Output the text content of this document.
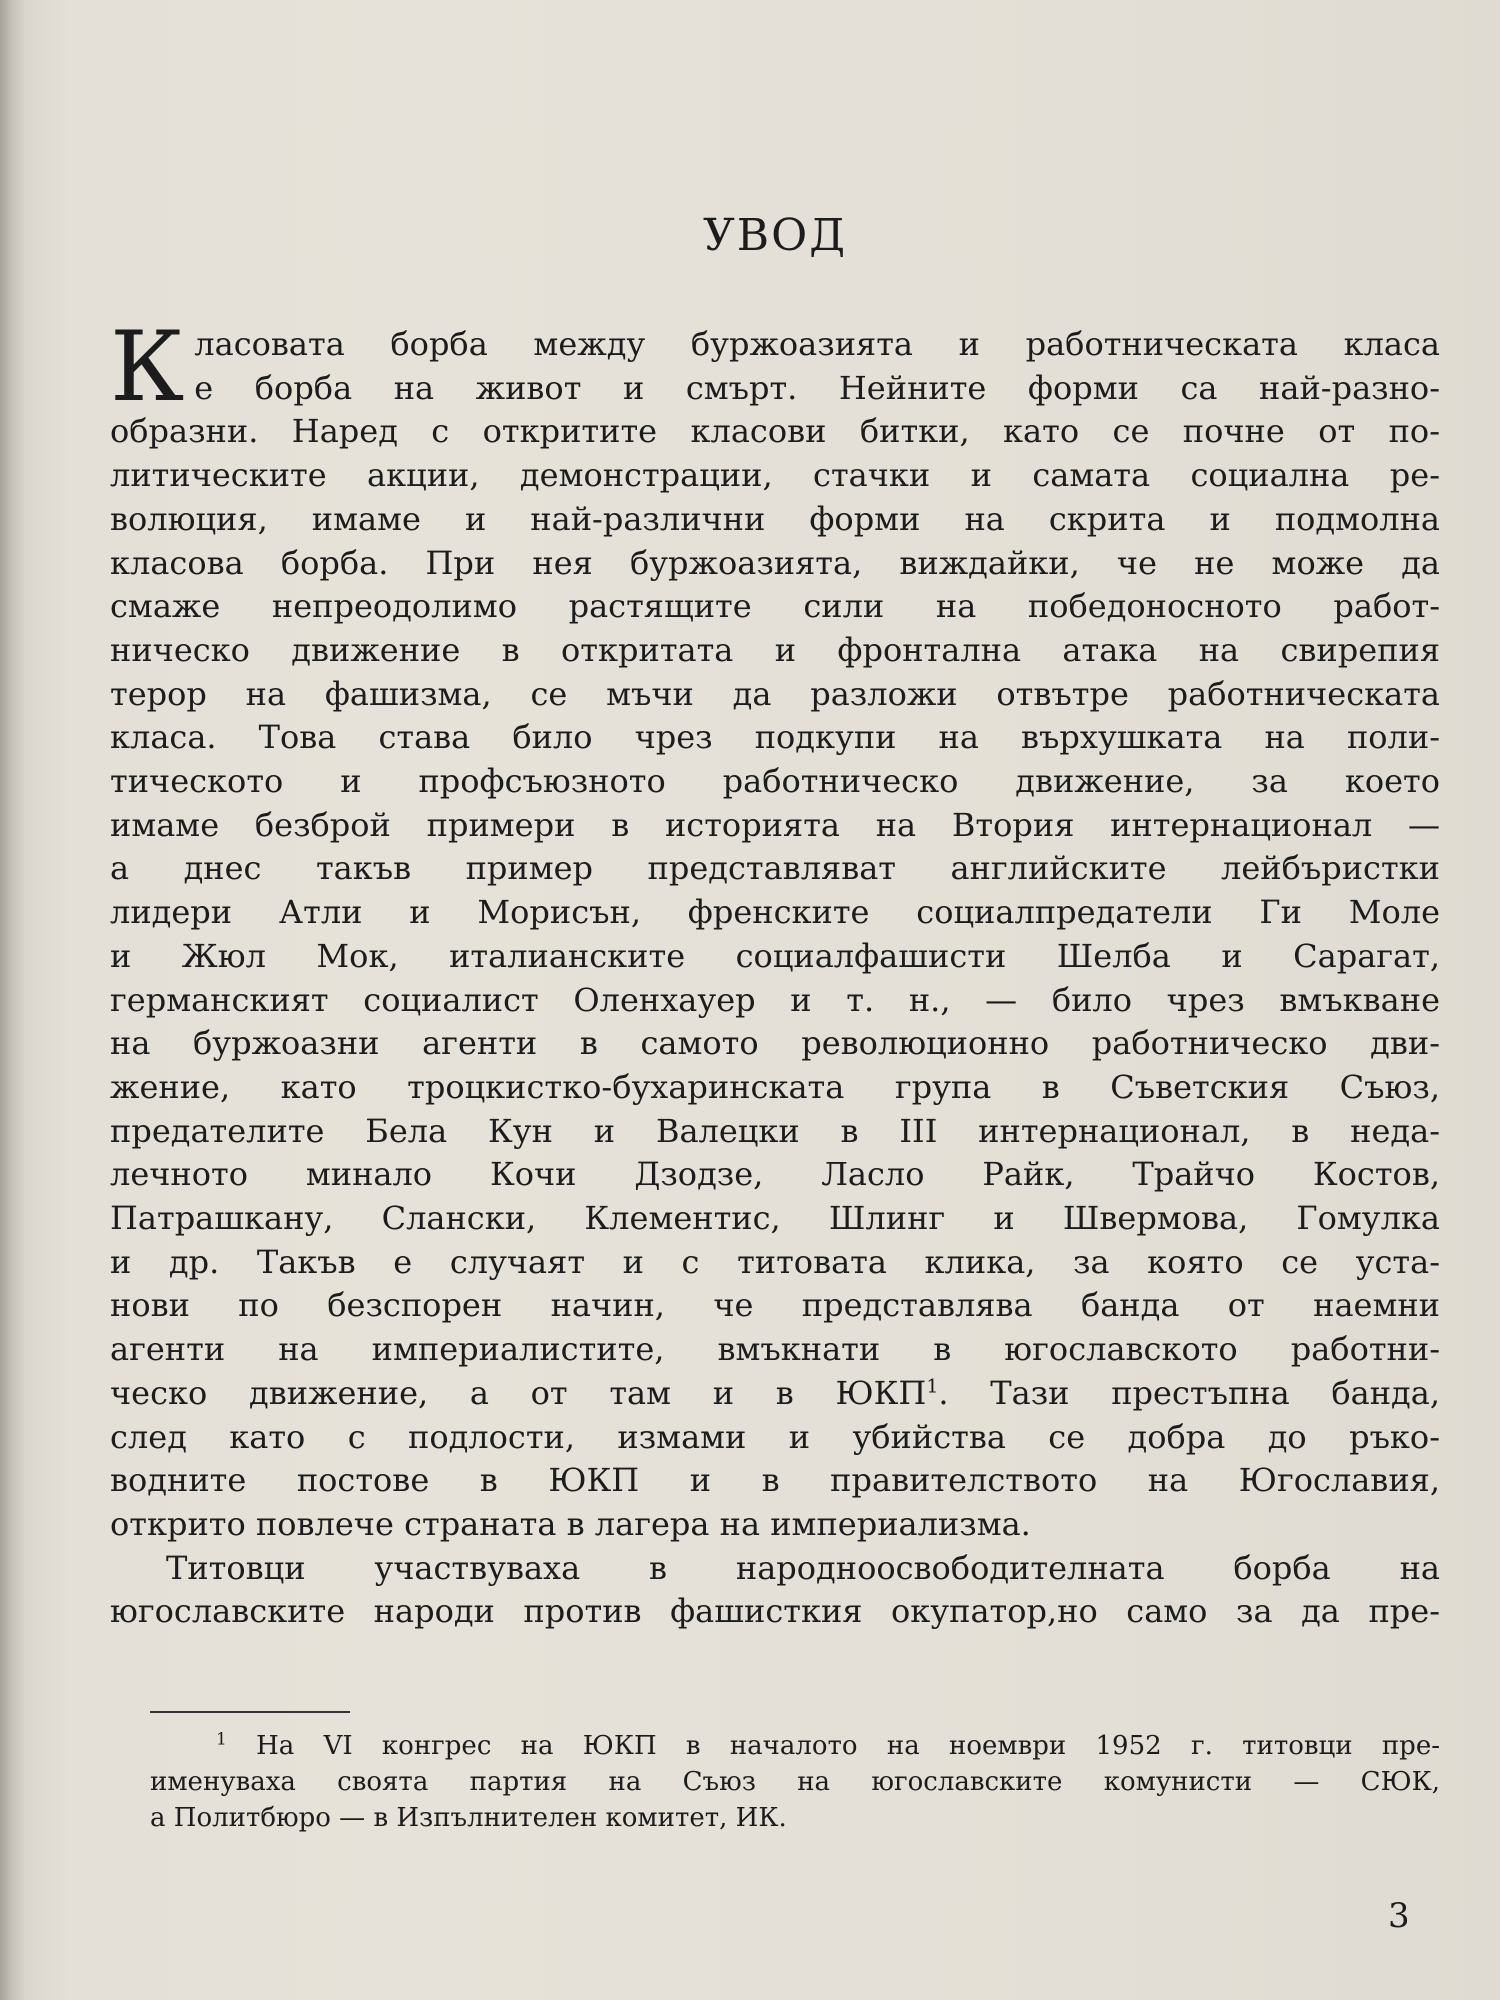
УВОД
К ласовата борба между буржоазията и работническата класа
е борба на живот и смърт. Нейните форми са най-разно-
образни. Наред с откритите класови битки, като се почне от по-
литическите акции, демонстрации, стачки и самата социална ре-
волюция, имаме и най-различни форми на скрита и подмолна
класова борба. При нея буржоазията, виждайки, че не може да
смаже непреодолимо растящите сили на победоносното работ-
ническо движение в откритата и фронтална атака на свирепия
терор на фашизма, се мъчи да разложи отвътре работническата
класа. Това става било чрез подкупи на върхушката на поли-
тическото и профсъюзното работническо движение, за което
имаме безброй примери в историята на Втория интернационал —
а днес такъв пример представляват английските лейбъристки
лидери Атли и Морисън, френските социалпредатели Ги Моле
и Жюл Мок, италианските социалфашисти Шелба и Сарагат,
германският социалист Оленхауер и т. н., — било чрез вмъкване
на буржоазни агенти в самото революционно работническо дви-
жение, като троцкистко-бухаринската група в Съветския Съюз,
предателите Бела Кун и Валецки в III интернационал, в неда-
лечното минало Кочи Дзодзе, Ласло Райк, Трайчо Костов,
Патрашкану, Слански, Клементис, Шлинг и Швермова, Гомулка
и др. Такъв е случаят и с титовата клика, за която се уста-
нови по безспорен начин, че представлява банда от наемни
агенти на империалистите, вмъкнати в югославското работни-
ческо движение, а от там и в ЮКП$^1$. Тази престъпна банда,
след като с подлости, измами и убийства се добра до ръко-
водните постове в ЮКП и в правителството на Югославия,
открито повлече страната в лагера на империализма.
Титовци участвуваха в народноосвободителната борба на
югославските народи против фашисткия окупатор,но само за да пре-
$^1$ На VI конгрес на ЮКП в началото на ноември 1952 г. титовци пре-
именуваха своята партия на Съюз на югославските комунисти — СЮК,
а Политбюро — в Изпълнителен комитет, ИК.
3
